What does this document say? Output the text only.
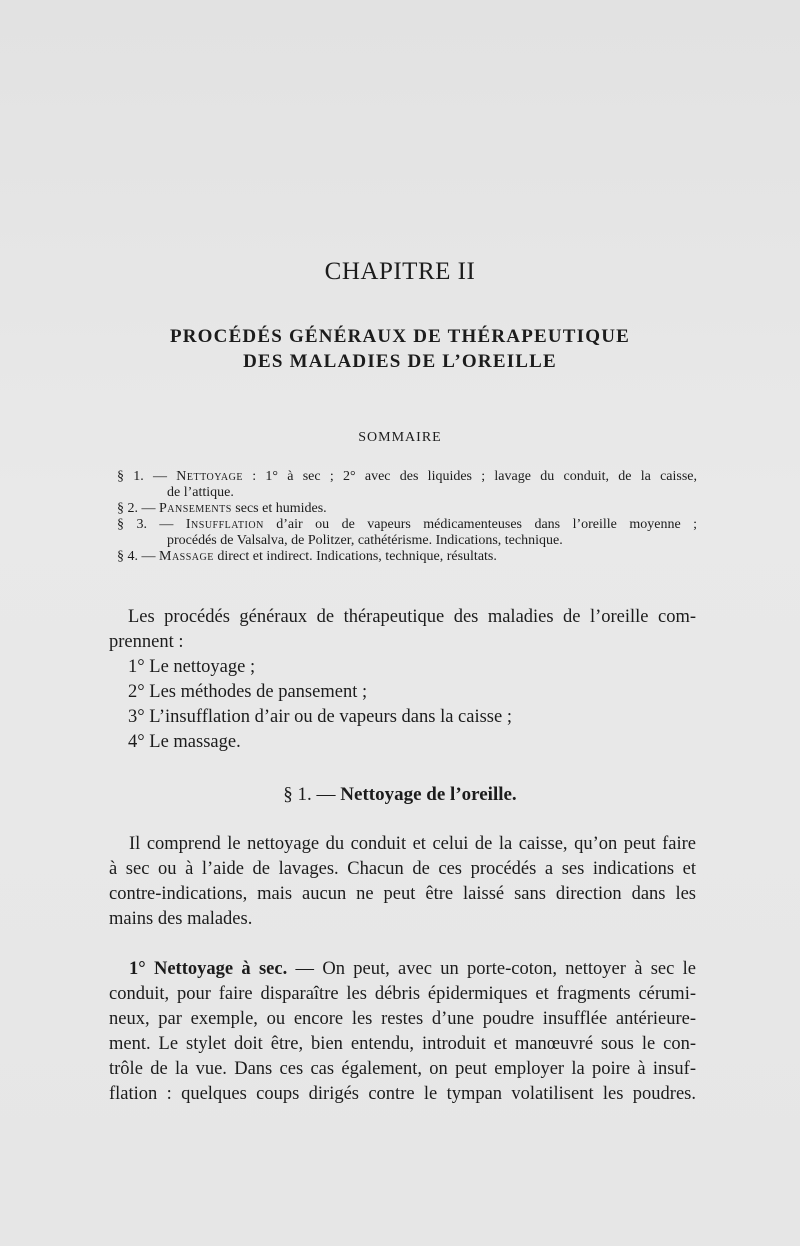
CHAPITRE II
PROCÉDÉS GÉNÉRAUX DE THÉRAPEUTIQUE
DES MALADIES DE L’OREILLE
SOMMAIRE
§ 1. — Nettoyage : 1° à sec ; 2° avec des liquides ; lavage du conduit, de la caisse,
de l’attique.
§ 2. — Pansements secs et humides.
§ 3. — Insufflation d’air ou de vapeurs médicamenteuses dans l’oreille moyenne ;
procédés de Valsalva, de Politzer, cathétérisme. Indications, technique.
§ 4. — Massage direct et indirect. Indications, technique, résultats.
Les procédés généraux de thérapeutique des maladies de l’oreille com-
prennent :
1° Le nettoyage ;
2° Les méthodes de pansement ;
3° L’insufflation d’air ou de vapeurs dans la caisse ;
4° Le massage.
§ 1. — Nettoyage de l’oreille.
Il comprend le nettoyage du conduit et celui de la caisse, qu’on peut faire
à sec ou à l’aide de lavages. Chacun de ces procédés a ses indications et
contre-indications, mais aucun ne peut être laissé sans direction dans les
mains des malades.
1° Nettoyage à sec. — On peut, avec un porte-coton, nettoyer à sec le
conduit, pour faire disparaître les débris épidermiques et fragments cérumi-
neux, par exemple, ou encore les restes d’une poudre insufflée antérieure-
ment. Le stylet doit être, bien entendu, introduit et manœuvré sous le con-
trôle de la vue. Dans ces cas également, on peut employer la poire à insuf-
flation : quelques coups dirigés contre le tympan volatilisent les poudres.
